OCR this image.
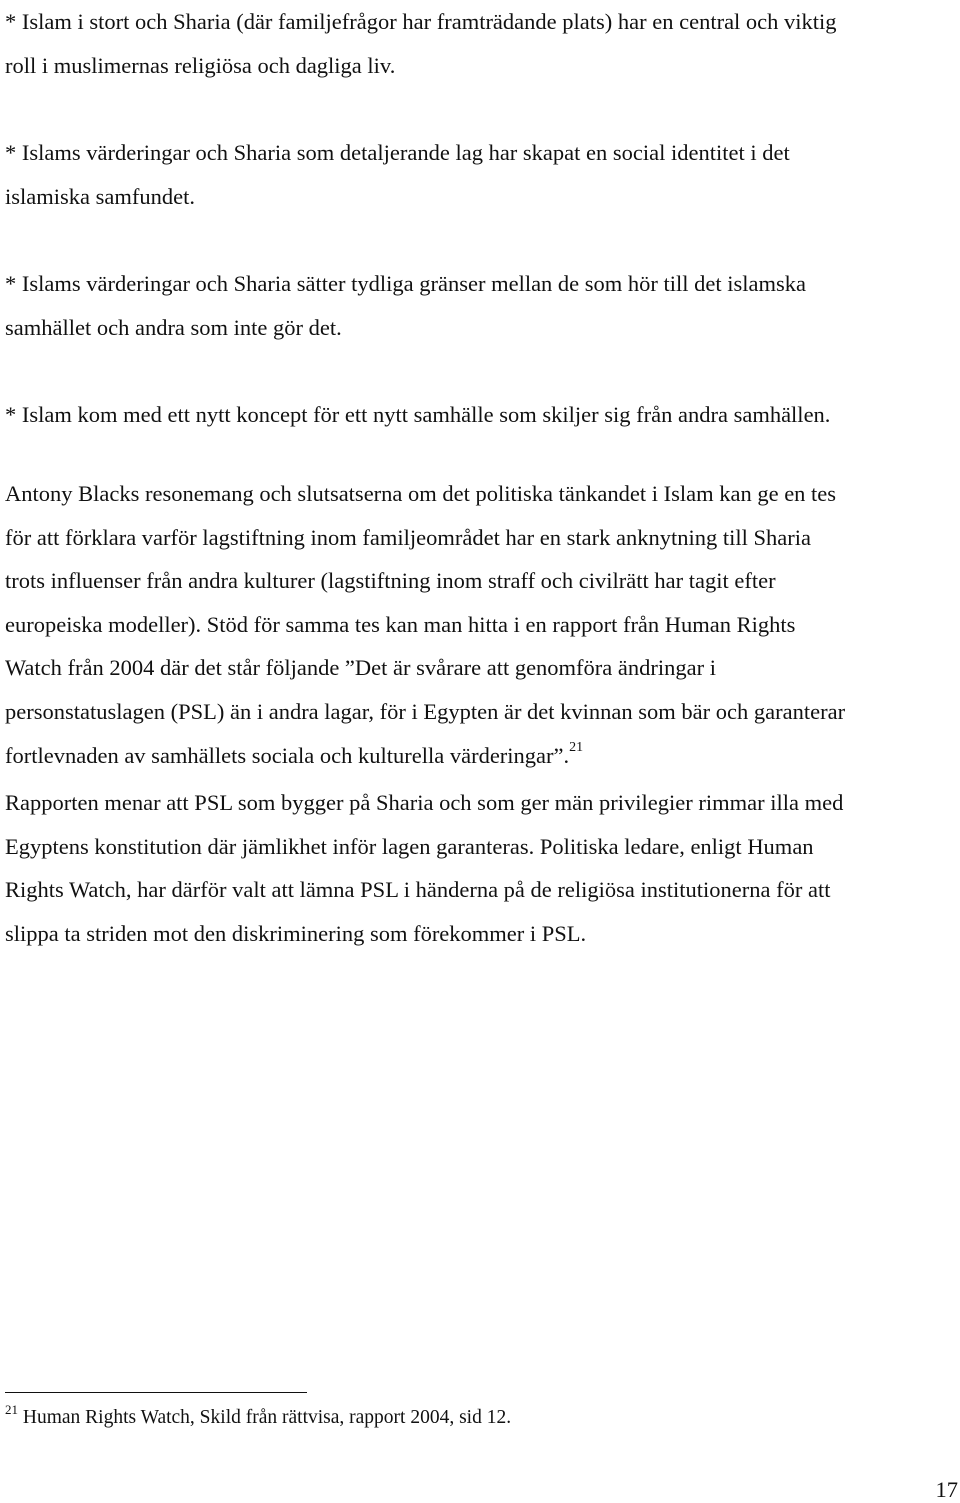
* Islam i stort och Sharia (där familjefrågor har framträdande plats) har en central och viktig
roll i muslimernas religiösa och dagliga liv.
* Islams värderingar och Sharia som detaljerande lag har skapat en social identitet i det
islamiska samfundet.
* Islams värderingar och Sharia sätter tydliga gränser mellan de som hör till det islamska
samhället och andra som inte gör det.
* Islam kom med ett nytt koncept för ett nytt samhälle som skiljer sig från andra samhällen.
Antony Blacks resonemang och slutsatserna om det politiska tänkandet i Islam kan ge en tes
för att förklara varför lagstiftning inom familjeområdet har en stark anknytning till Sharia
trots influenser från andra kulturer (lagstiftning inom straff och civilrätt har tagit efter
europeiska modeller). Stöd för samma tes kan man hitta i en rapport från Human Rights
Watch från 2004 där det står följande ”Det är svårare att genomföra ändringar i
personstatuslagen (PSL) än i andra lagar, för i Egypten är det kvinnan som bär och garanterar
fortlevnaden av samhällets sociala och kulturella värderingar”.$^{21}$
Rapporten menar att PSL som bygger på Sharia och som ger män privilegier rimmar illa med
Egyptens konstitution där jämlikhet inför lagen garanteras. Politiska ledare, enligt Human
Rights Watch, har därför valt att lämna PSL i händerna på de religiösa institutionerna för att
slippa ta striden mot den diskriminering som förekommer i PSL.
$^{21}$ Human Rights Watch, Skild från rättvisa, rapport 2004, sid 12.
17
